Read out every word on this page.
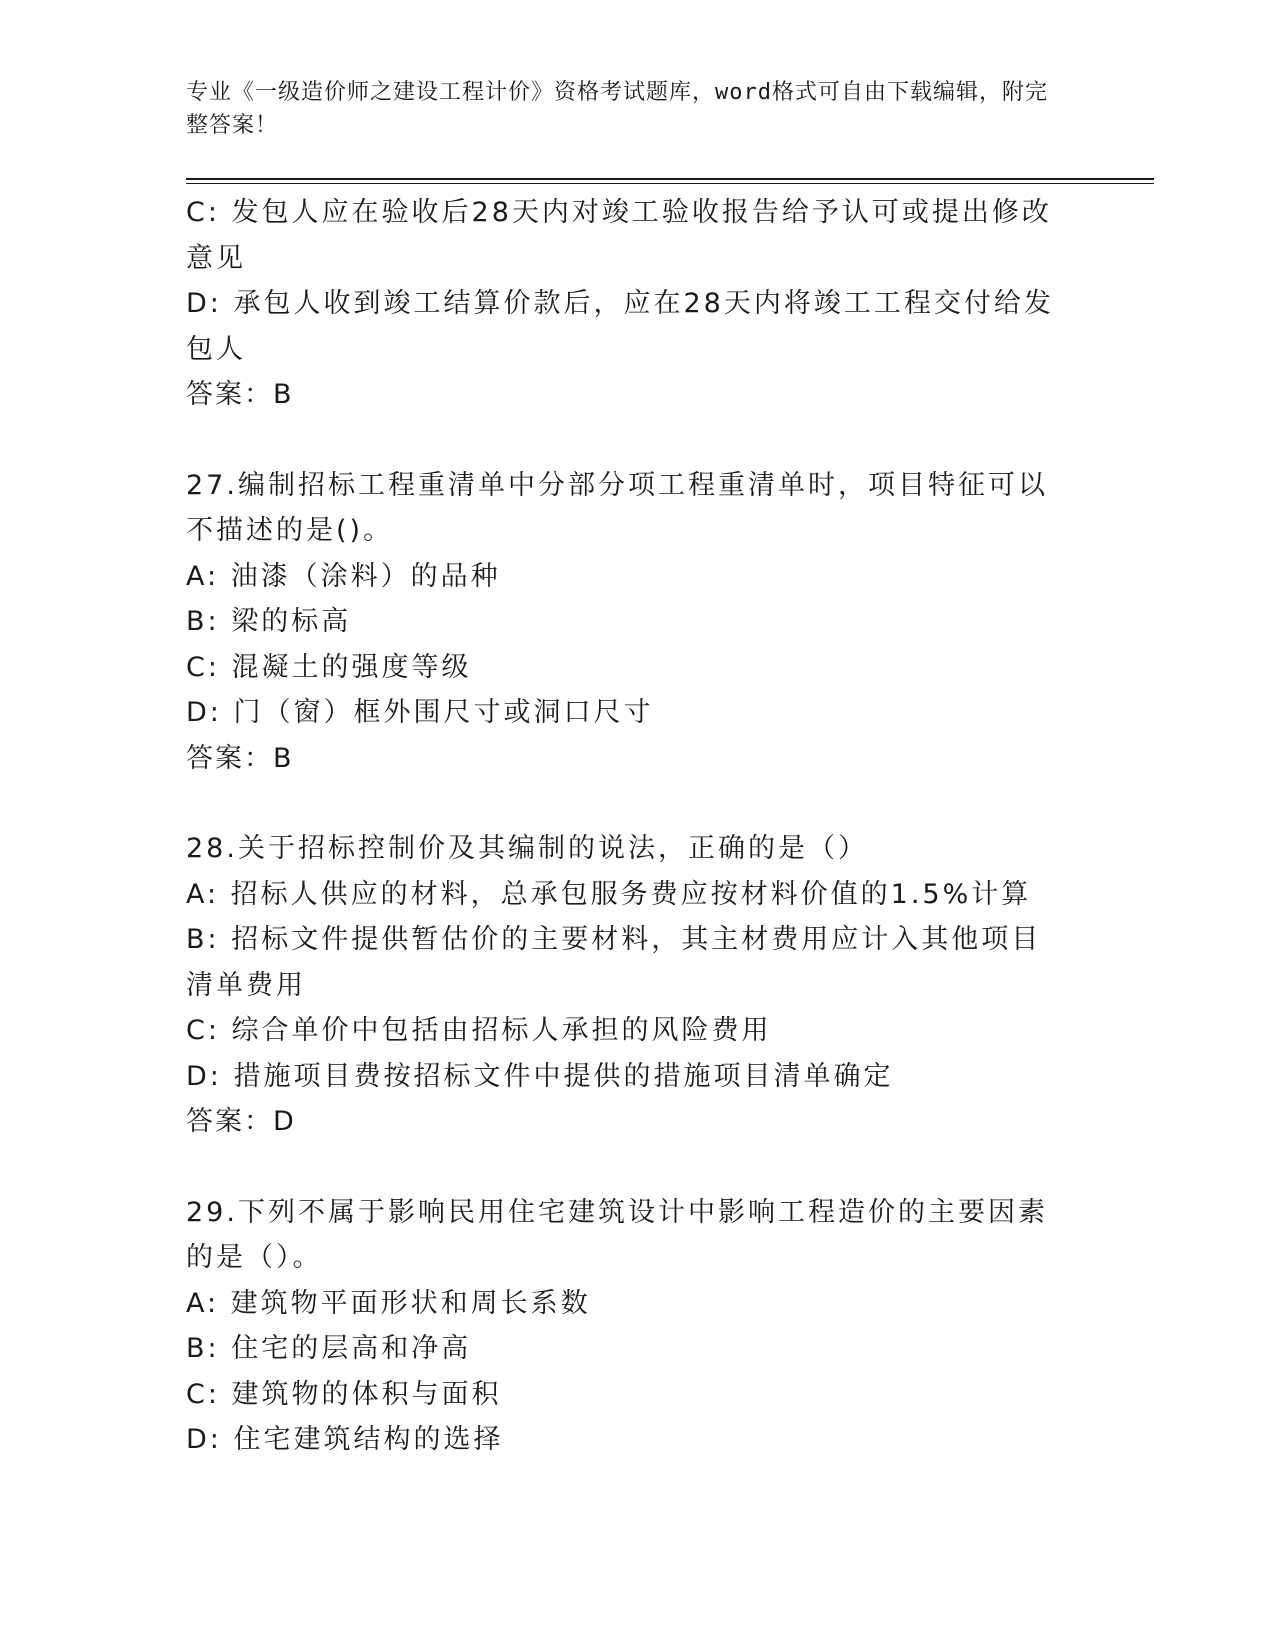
专业《一级造价师之建设工程计价》资格考试题库，word格式可自由下载编辑，附完整答案！
C: 发包人应在验收后28天内对竣工验收报告给予认可或提出修改意见
D: 承包人收到竣工结算价款后，应在28天内将竣工工程交付给发包人
答案：B
27.编制招标工程重清单中分部分项工程重清单时，项目特征可以不描述的是()。
A: 油漆（涂料）的品种
B: 梁的标高
C: 混凝土的强度等级
D: 门（窗）框外围尺寸或洞口尺寸
答案：B
28.关于招标控制价及其编制的说法，正确的是（）
A: 招标人供应的材料，总承包服务费应按材料价值的1.5%计算
B: 招标文件提供暂估价的主要材料，其主材费用应计入其他项目清单费用
C: 综合单价中包括由招标人承担的风险费用
D: 措施项目费按招标文件中提供的措施项目清单确定
答案：D
29.下列不属于影响民用住宅建筑设计中影响工程造价的主要因素的是（）。
A: 建筑物平面形状和周长系数
B: 住宅的层高和净高
C: 建筑物的体积与面积
D: 住宅建筑结构的选择
